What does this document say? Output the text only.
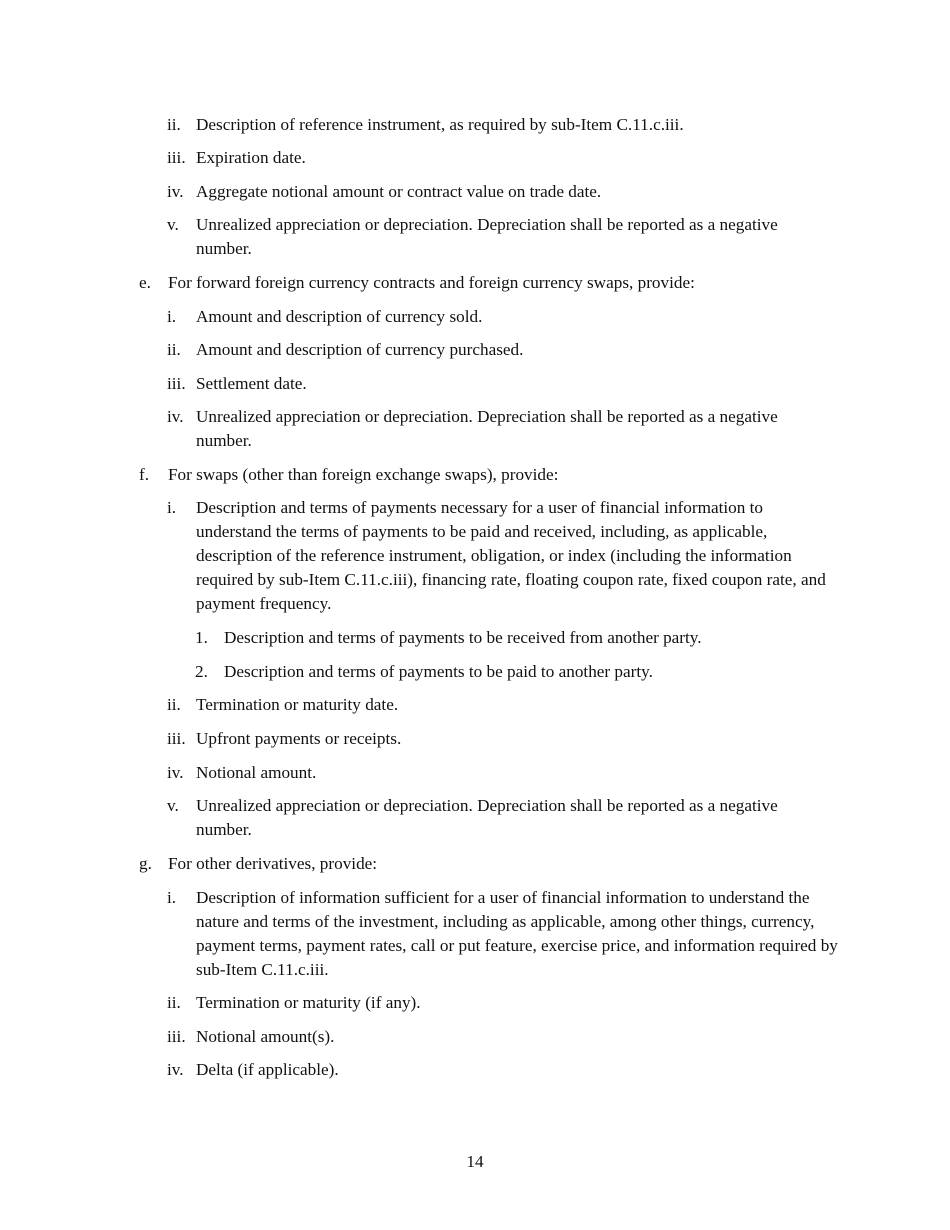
ii. Description of reference instrument, as required by sub-Item C.11.c.iii.
iii. Expiration date.
iv. Aggregate notional amount or contract value on trade date.
v.	Unrealized appreciation or depreciation. Depreciation shall be reported as a negative number.
e. For forward foreign currency contracts and foreign currency swaps, provide:
i.	Amount and description of currency sold.
ii. Amount and description of currency purchased.
iii. Settlement date.
iv. Unrealized appreciation or depreciation. Depreciation shall be reported as a negative number.
f.	For swaps (other than foreign exchange swaps), provide:
i.	Description and terms of payments necessary for a user of financial information to understand the terms of payments to be paid and received, including, as applicable, description of the reference instrument, obligation, or index (including the information required by sub-Item C.11.c.iii), financing rate, floating coupon rate, fixed coupon rate, and payment frequency.
1. Description and terms of payments to be received from another party.
2. Description and terms of payments to be paid to another party.
ii. Termination or maturity date.
iii. Upfront payments or receipts.
iv. Notional amount.
v.	Unrealized appreciation or depreciation. Depreciation shall be reported as a negative number.
g. For other derivatives, provide:
i.	Description of information sufficient for a user of financial information to understand the nature and terms of the investment, including as applicable, among other things, currency, payment terms, payment rates, call or put feature, exercise price, and information required by sub-Item C.11.c.iii.
ii. Termination or maturity (if any).
iii. Notional amount(s).
iv. Delta (if applicable).
14
